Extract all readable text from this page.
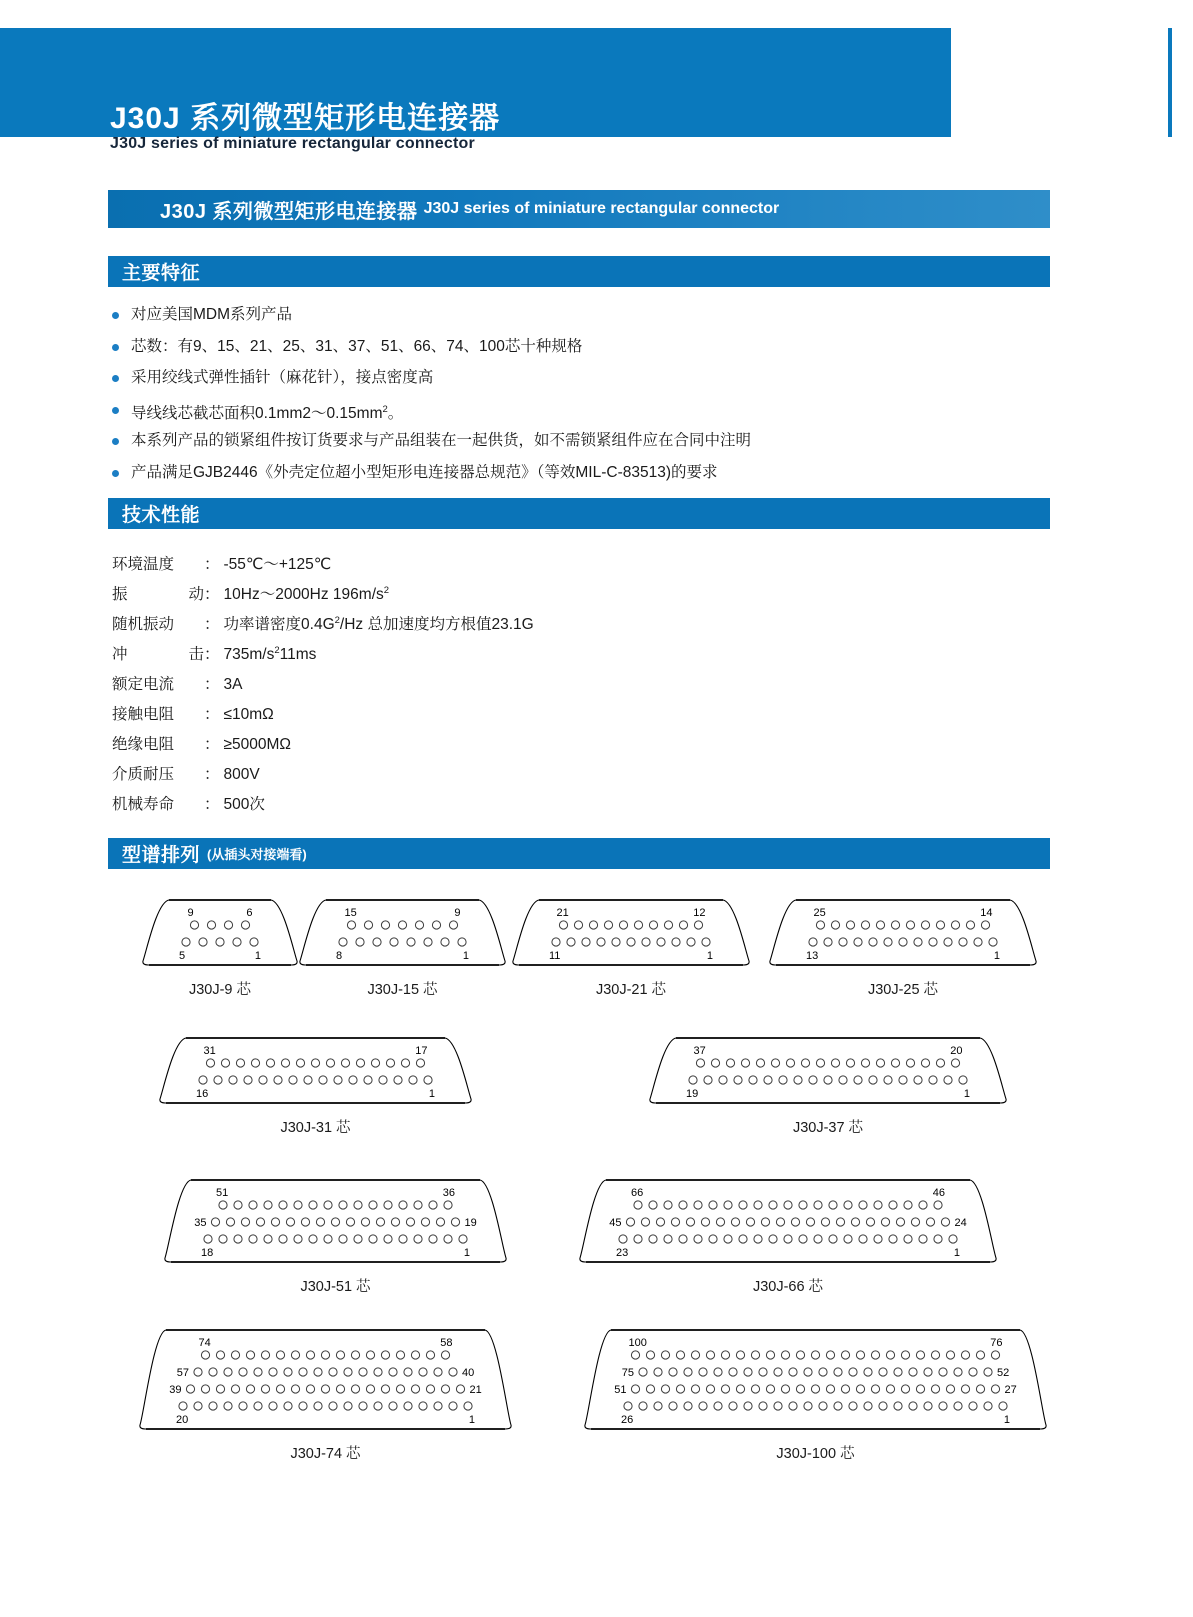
J30J 系列微型矩形电连接器
J30J series of miniature rectangular connector
J30J 系列微型矩形电连接器 J30J series of miniature rectangular connector
主要特征
对应美国MDM系列产品
芯数：有9、15、21、25、31、37、51、66、74、100芯十种规格
采用绞线式弹性插针（麻花针），接点密度高
导线线芯截芯面积$0.1mm2\sim 0.15mm^2$。
本系列产品的锁紧组件按订货要求与产品组装在一起供货，如不需锁紧组件应在合同中注明
产品满足GJB2446《外壳定位超小型矩形电连接器总规范》（等效MIL-C-83513)的要求
技术性能
环境温度	： -55℃～+125℃
振	动 ： 10Hz～2000Hz $196m/s^2$
随机振动	： 功率谱密度$0.4G^2/Hz$ 总加速度均方根值23.1G
冲	击 ： $735m/s^211ms$
额定电流	： 3A
接触电阻	： ≤10mΩ
绝缘电阻	： ≥5000MΩ
介质耐压	： 800V
机械寿命	： 500次
型谱排列 (从插头对接端看)
9	6
5	1
J30J-9 芯
15	9
8	1
J30J-15 芯
21	12
11	1
J30J-21 芯
25	14
13	1
J30J-25 芯
31	17
16	1
J30J-31 芯
37	20
19	1
J30J-37 芯
51	36
35	19
18	1
J30J-51 芯
66	46
45	24
23	1
J30J-66 芯
74	58
57	40
39	21
20	1
J30J-74 芯
100	76
75	52
51	27
26	1
J30J-100 芯
